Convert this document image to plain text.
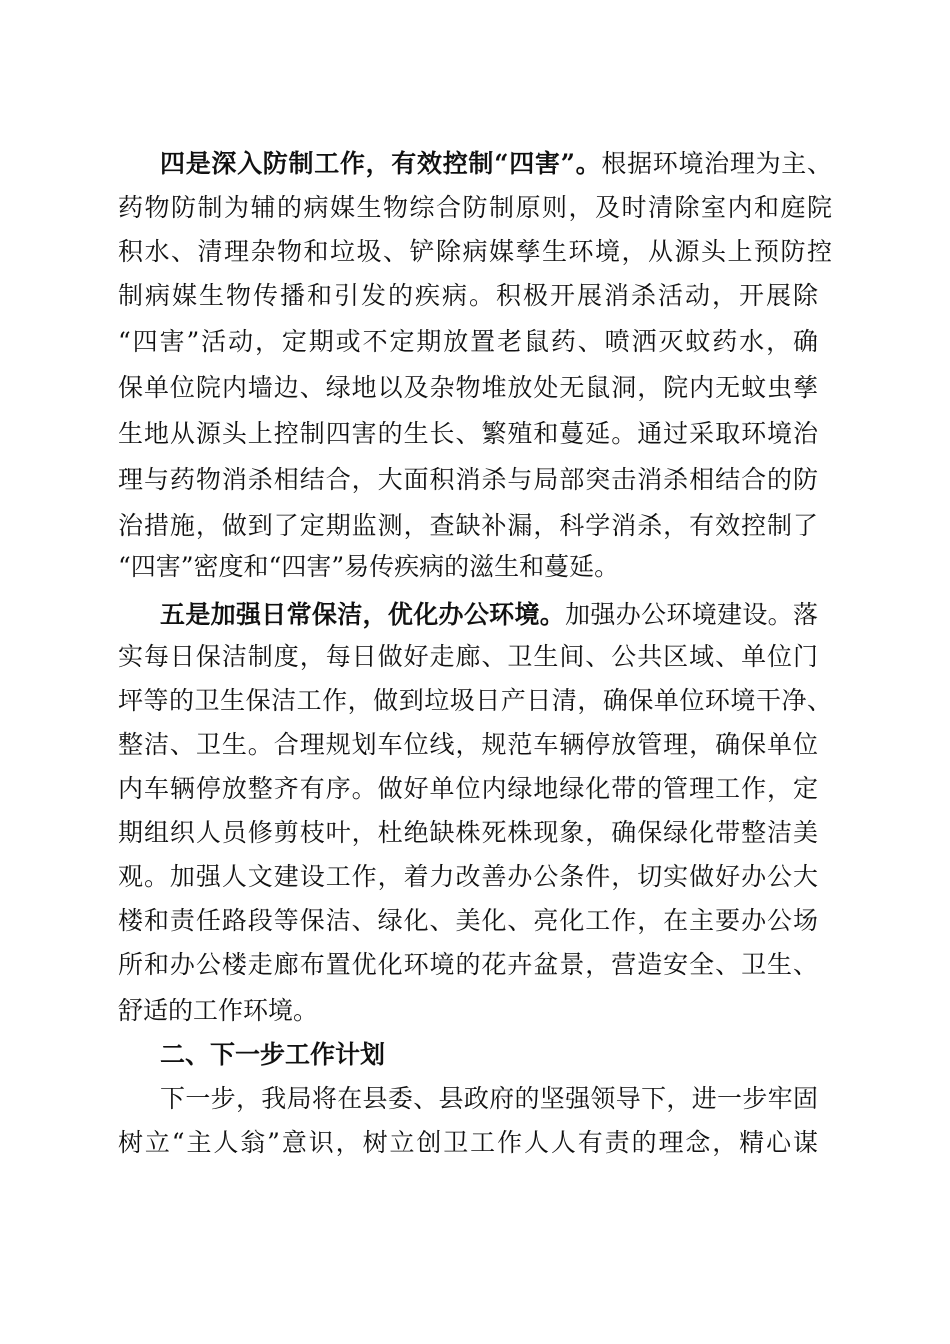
四是深入防制工作，有效控制“四害”。根据环境治理为主、
药物防制为辅的病媒生物综合防制原则，及时清除室内和庭院
积水、清理杂物和垃圾、铲除病媒孳生环境，从源头上预防控
制病媒生物传播和引发的疾病。积极开展消杀活动，开展除
“四害”活动，定期或不定期放置老鼠药、喷洒灭蚊药水，确
保单位院内墙边、绿地以及杂物堆放处无鼠洞，院内无蚊虫孳
生地从源头上控制四害的生长、繁殖和蔓延。通过采取环境治
理与药物消杀相结合，大面积消杀与局部突击消杀相结合的防
治措施，做到了定期监测，查缺补漏，科学消杀，有效控制了
“四害”密度和“四害”易传疾病的滋生和蔓延。
五是加强日常保洁，优化办公环境。加强办公环境建设。落
实每日保洁制度，每日做好走廊、卫生间、公共区域、单位门
坪等的卫生保洁工作，做到垃圾日产日清，确保单位环境干净、
整洁、卫生。合理规划车位线，规范车辆停放管理，确保单位
内车辆停放整齐有序。做好单位内绿地绿化带的管理工作，定
期组织人员修剪枝叶，杜绝缺株死株现象，确保绿化带整洁美
观。加强人文建设工作，着力改善办公条件，切实做好办公大
楼和责任路段等保洁、绿化、美化、亮化工作，在主要办公场
所和办公楼走廊布置优化环境的花卉盆景，营造安全、卫生、
舒适的工作环境。
二、下一步工作计划
下一步，我局将在县委、县政府的坚强领导下，进一步牢固
树立“主人翁”意识，树立创卫工作人人有责的理念，精心谋
